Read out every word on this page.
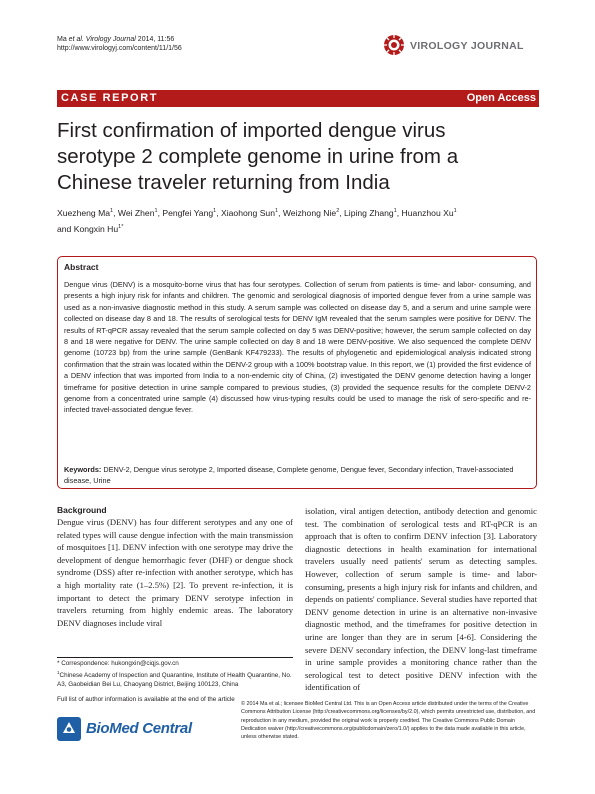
Ma et al. Virology Journal 2014, 11:56
http://www.virologyj.com/content/11/1/56	VIROLOGY JOURNAL
CASE REPORT	Open Access
First confirmation of imported dengue virus
serotype 2 complete genome in urine from a
Chinese traveler returning from India
Xuezheng Ma$^1$, Wei Zhen$^1$, Pengfei Yang$^1$, Xiaohong Sun$^1$, Weizhong Nie$^2$, Liping Zhang$^1$, Huanzhou Xu$^1$
and Kongxin $Hu^{1*}$
Abstract
Dengue virus (DENV) is a mosquito-borne virus that has four serotypes. Collection of serum from patients is time- and labor- consuming, and presents a high injury risk for infants and children. The genomic and serological diagnosis of imported dengue fever from a urine sample was used as a non-invasive diagnostic method in this study. A serum sample was collected on disease day 5, and a serum and urine sample were collected on disease day 8 and 18. The results of serological tests for DENV IgM revealed that the serum samples were positive for DENV. The results of RT-qPCR assay revealed that the serum sample collected on day 5 was DENV-positive; however, the serum sample collected on day 8 and 18 were negative for DENV. The urine sample collected on day 8 and 18 were DENV-positive. We also sequenced the complete DENV genome (10723 bp) from the urine sample (GenBank KF479233). The results of phylogenetic and epidemiological analysis indicated strong confirmation that the strain was located within the DENV-2 group with a 100% bootstrap value. In this report, we (1) provided the first evidence of a DENV infection that was imported from India to a non-endemic city of China, (2) investigated the DENV genome detection having a longer timeframe for positive detection in urine sample compared to previous studies, (3) provided the sequence results for the complete DENV-2 genome from a concentrated urine sample (4) discussed how virus-typing results could be used to manage the risk of sero-specific and re-infected travel-associated dengue fever.
Keywords: DENV-2, Dengue virus serotype 2, Imported disease, Complete genome, Dengue fever, Secondary infection, Travel-associated disease, Urine
Background
Dengue virus (DENV) has four different serotypes and any one of related types will cause dengue infection with the main transmission of mosquitoes [1]. DENV infection with one serotype may drive the development of dengue hemorrhagic fever (DHF) or dengue shock syndrome (DSS) after re-infection with another serotype, which has a high mortality rate (1–2.5%) [2]. To prevent re-infection, it is important to detect the primary DENV serotype infection in travelers returning from highly endemic areas. The laboratory DENV diagnoses include viral
isolation, viral antigen detection, antibody detection and genomic test. The combination of serological tests and RT-qPCR is an approach that is often to confirm DENV infection [3]. Laboratory diagnostic detections in health examination for international travelers usually need patients' serum as detecting samples. However, collection of serum sample is time- and labor-consuming, presents a high injury risk for infants and children, and depends on patients' compliance. Several studies have reported that DENV genome detection in urine is an alternative non-invasive diagnostic method, and the timeframes for positive detection in urine are longer than they are in serum [4-6]. Considering the severe DENV secondary infection, the DENV long-last timeframe in urine sample provides a monitoring chance rather than the serological test to detect positive DENV infection with the identification of
* Correspondence: hukongxin@ciqjs.gov.cn
$^1$Chinese Academy of Inspection and Quarantine, Institute of Health Quarantine, No. A3, Gaobeidian Bei Lu, Chaoyang District, Beijing 100123, China
Full list of author information is available at the end of the article
BioMed Central
© 2014 Ma et al.; licensee BioMed Central Ltd. This is an Open Access article distributed under the terms of the Creative Commons Attribution License (http://creativecommons.org/licenses/by/2.0), which permits unrestricted use, distribution, and reproduction in any medium, provided the original work is properly credited. The Creative Commons Public Domain Dedication waiver (http://creativecommons.org/publicdomain/zero/1.0/) applies to the data made available in this article, unless otherwise stated.
